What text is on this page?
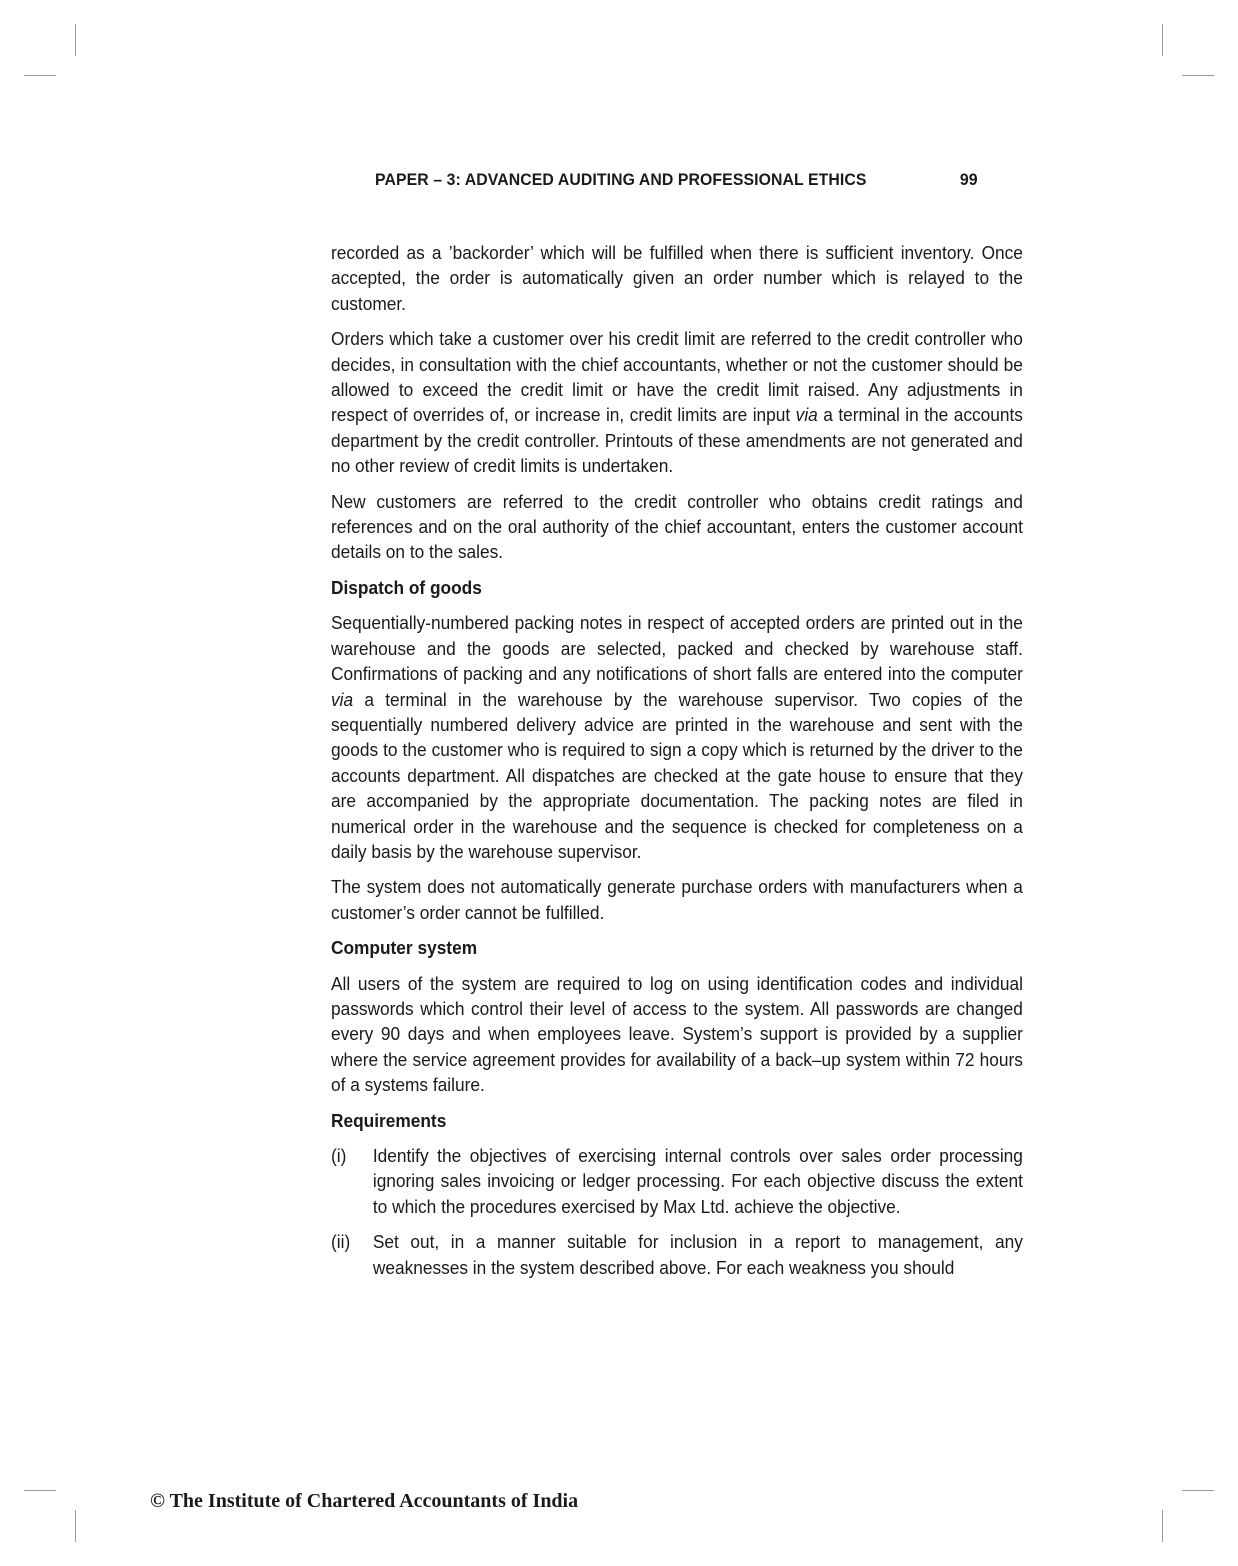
PAPER – 3: ADVANCED AUDITING AND PROFESSIONAL ETHICS	99

recorded as a ’backorder’ which will be fulfilled when there is sufficient inventory. Once accepted, the order is automatically given an order number which is relayed to the customer.

Orders which take a customer over his credit limit are referred to the credit controller who decides, in consultation with the chief accountants, whether or not the customer should be allowed to exceed the credit limit or have the credit limit raised. Any adjustments in respect of overrides of, or increase in, credit limits are input via a terminal in the accounts department by the credit controller. Printouts of these amendments are not generated and no other review of credit limits is undertaken.

New customers are referred to the credit controller who obtains credit ratings and references and on the oral authority of the chief accountant, enters the customer account details on to the sales.

Dispatch of goods

Sequentially-numbered packing notes in respect of accepted orders are printed out in the warehouse and the goods are selected, packed and checked by warehouse staff. Confirmations of packing and any notifications of short falls are entered into the computer via a terminal in the warehouse by the warehouse supervisor. Two copies of the sequentially numbered delivery advice are printed in the warehouse and sent with the goods to the customer who is required to sign a copy which is returned by the driver to the accounts department. All dispatches are checked at the gate house to ensure that they are accompanied by the appropriate documentation. The packing notes are filed in numerical order in the warehouse and the sequence is checked for completeness on a daily basis by the warehouse supervisor.

The system does not automatically generate purchase orders with manufacturers when a customer’s order cannot be fulfilled.

Computer system

All users of the system are required to log on using identification codes and individual passwords which control their level of access to the system. All passwords are changed every 90 days and when employees leave. System’s support is provided by a supplier where the service agreement provides for availability of a back–up system within 72 hours of a systems failure.

Requirements
(i)	Identify the objectives of exercising internal controls over sales order processing ignoring sales invoicing or ledger processing. For each objective discuss the extent to which the procedures exercised by Max Ltd. achieve the objective.
(ii)	Set out, in a manner suitable for inclusion in a report to management, any weaknesses in the system described above. For each weakness you should
© The Institute of Chartered Accountants of India
